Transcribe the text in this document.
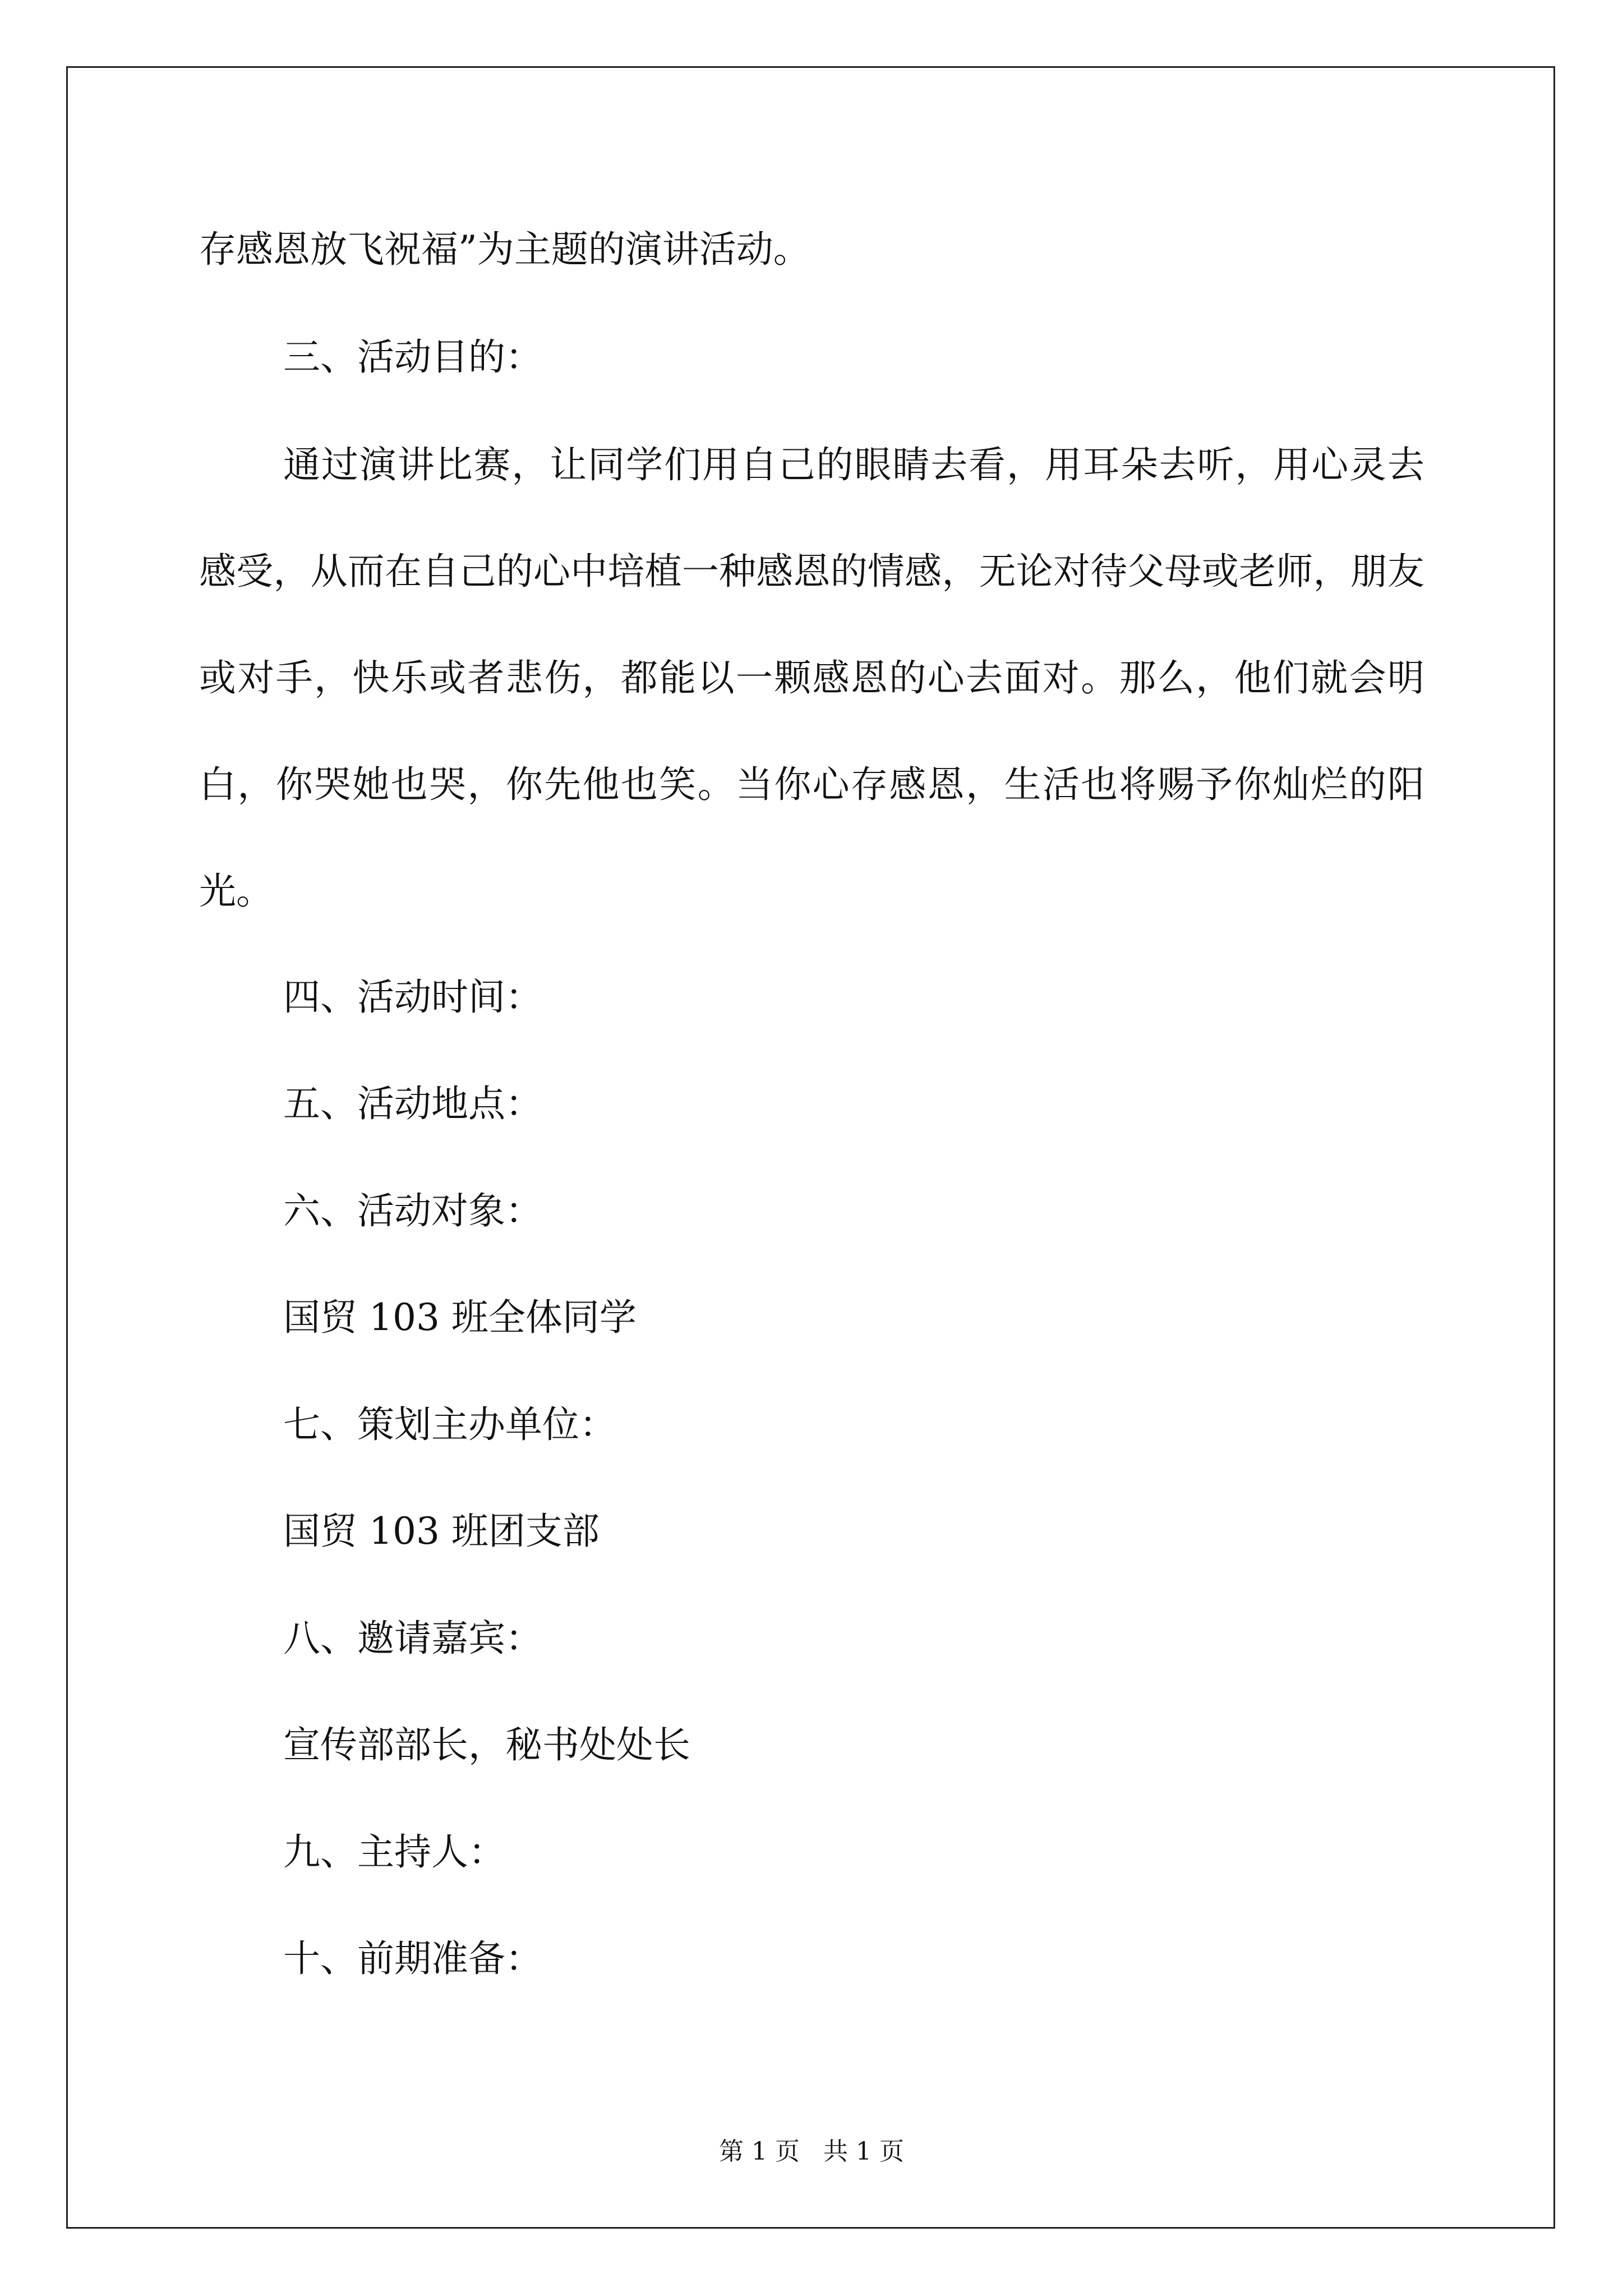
存感恩放飞祝福”为主题的演讲活动。
三、活动目的：
通过演讲比赛，让同学们用自己的眼睛去看，用耳朵去听，用心灵去感受，从而在自己的心中培植一种感恩的情感，无论对待父母或老师，朋友或对手，快乐或者悲伤，都能以一颗感恩的心去面对。那么，他们就会明白，你哭她也哭，你先他也笑。当你心存感恩，生活也将赐予你灿烂的阳光。
四、活动时间：
五、活动地点：
六、活动对象：
国贸 103 班全体同学
七、策划主办单位：
国贸 103 班团支部
八、邀请嘉宾：
宣传部部长，秘书处处长
九、主持人：
十、前期准备：
第 1 页   共 1 页
